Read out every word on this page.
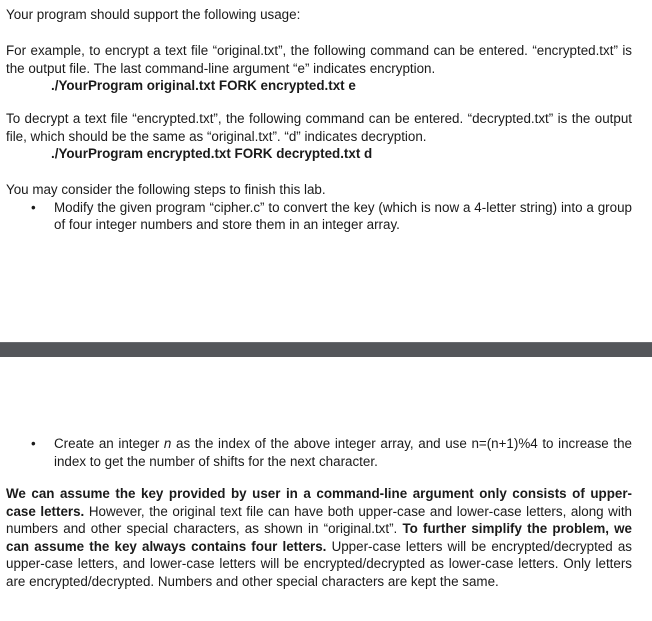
Your program should support the following usage:

For example, to encrypt a text file “original.txt”, the following command can be entered. “encrypted.txt” is the output file. The last command-line argument “e” indicates encryption.

./YourProgram original.txt FORK encrypted.txt e

To decrypt a text file “encrypted.txt”, the following command can be entered. “decrypted.txt” is the output file, which should be the same as “original.txt”. “d” indicates decryption.

./YourProgram encrypted.txt FORK decrypted.txt d

You may consider the following steps to finish this lab.

•	Modify the given program “cipher.c” to convert the key (which is now a 4-letter string) into a group of four integer numbers and store them in an integer array.
•	Create an integer n as the index of the above integer array, and use n=(n+1)%4 to increase the index to get the number of shifts for the next character.

We can assume the key provided by user in a command-line argument only consists of upper-case letters. However, the original text file can have both upper-case and lower-case letters, along with numbers and other special characters, as shown in “original.txt”. To further simplify the problem, we can assume the key always contains four letters. Upper-case letters will be encrypted/decrypted as upper-case letters, and lower-case letters will be encrypted/decrypted as lower-case letters. Only letters are encrypted/decrypted. Numbers and other special characters are kept the same.
